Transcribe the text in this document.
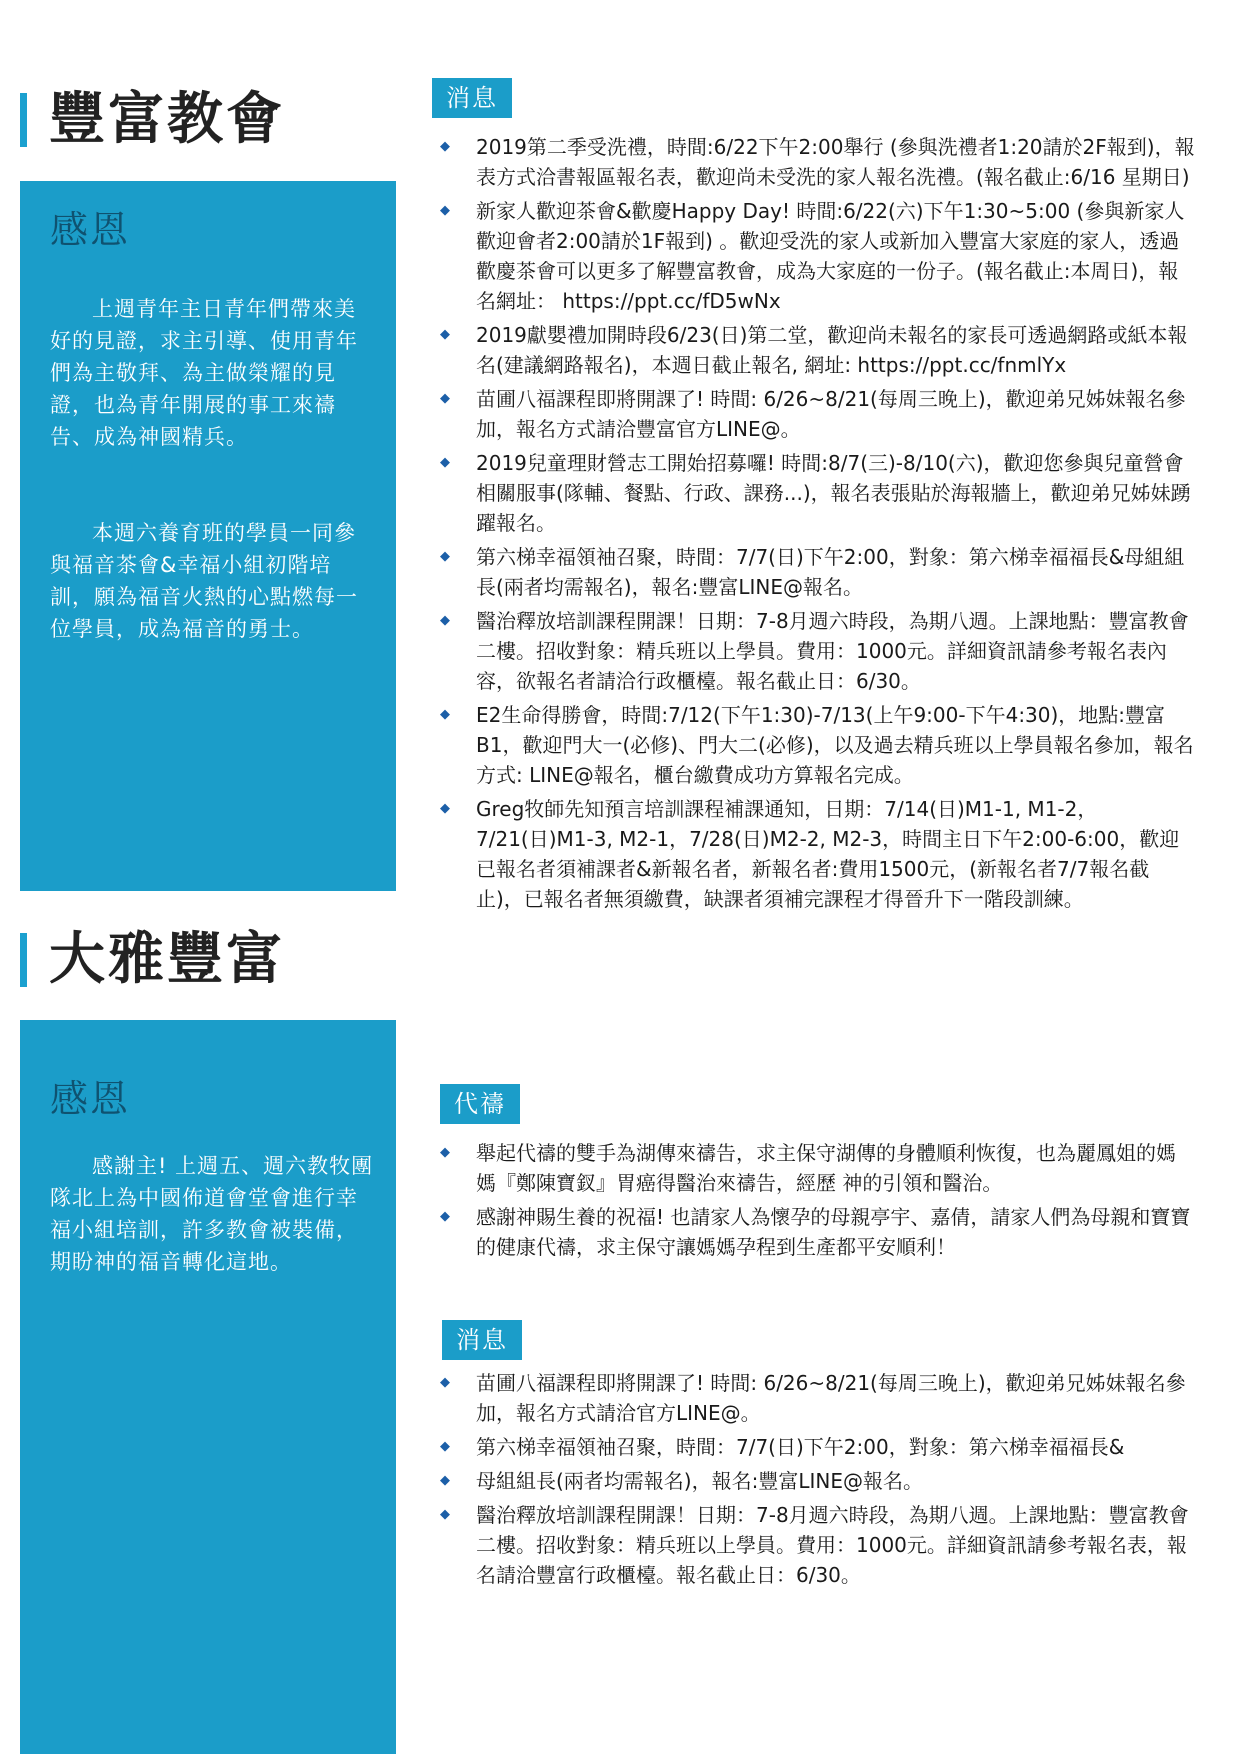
豐富教會
感恩

上週青年主日青年們帶來美好的見證，求主引導、使用青年們為主敬拜、為主做榮耀的見證，也為青年開展的事工來禱告、成為神國精兵。

本週六養育班的學員一同參與福音茶會&幸福小組初階培訓，願為福音火熱的心點燃每一位學員，成為福音的勇士。

消息
◆ 2019第二季受洗禮，時間:6/22下午2:00舉行 (參與洗禮者1:20請於2F報到)，報表方式洽書報區報名表，歡迎尚未受洗的家人報名洗禮。(報名截止:6/16 星期日)
◆ 新家人歡迎茶會&歡慶Happy Day! 時間:6/22(六)下午1:30~5:00 (參與新家人歡迎會者2:00請於1F報到) 。歡迎受洗的家人或新加入豐富大家庭的家人，透過歡慶茶會可以更多了解豐富教會，成為大家庭的一份子。(報名截止:本周日)，報名網址： https://ppt.cc/fD5wNx
◆ 2019獻嬰禮加開時段6/23(日)第二堂，歡迎尚未報名的家長可透過網路或紙本報名(建議網路報名)，本週日截止報名, 網址: https://ppt.cc/fnmlYx
◆ 苗圃八福課程即將開課了! 時間: 6/26~8/21(每周三晚上)，歡迎弟兄姊妹報名參加，報名方式請洽豐富官方LINE@。
◆ 2019兒童理財營志工開始招募囉! 時間:8/7(三)-8/10(六)，歡迎您參與兒童營會相關服事(隊輔、餐點、行政、課務...)，報名表張貼於海報牆上，歡迎弟兄姊妹踴躍報名。
◆ 第六梯幸福領袖召聚，時間：7/7(日)下午2:00，對象：第六梯幸福福長&母組組長(兩者均需報名)，報名:豐富LINE@報名。
◆ 醫治釋放培訓課程開課！日期：7-8月週六時段，為期八週。上課地點：豐富教會二樓。招收對象：精兵班以上學員。費用：1000元。詳細資訊請參考報名表內容，欲報名者請洽行政櫃檯。報名截止日：6/30。
◆ E2生命得勝會，時間:7/12(下午1:30)-7/13(上午9:00-下午4:30)，地點:豐富B1，歡迎門大一(必修)、門大二(必修)，以及過去精兵班以上學員報名參加，報名方式: LINE@報名，櫃台繳費成功方算報名完成。
◆ Greg牧師先知預言培訓課程補課通知，日期：7/14(日)M1-1, M1-2，7/21(日)M1-3, M2-1，7/28(日)M2-2, M2-3，時間主日下午2:00-6:00，歡迎已報名者須補課者&新報名者，新報名者:費用1500元，(新報名者7/7報名截止)，已報名者無須繳費，缺課者須補完課程才得晉升下一階段訓練。
大雅豐富
感恩

感謝主! 上週五、週六教牧團隊北上為中國佈道會堂會進行幸福小組培訓，許多教會被裝備，期盼神的福音轉化這地。

代禱
◆ 舉起代禱的雙手為湖傳來禱告，求主保守湖傳的身體順利恢復，也為麗鳳姐的媽媽『鄭陳寶釵』胃癌得醫治來禱告，經歷 神的引領和醫治。
◆ 感謝神賜生養的祝福! 也請家人為懷孕的母親亭宇、嘉倩，請家人們為母親和寶寶的健康代禱，求主保守讓媽媽孕程到生產都平安順利！
消息
◆ 苗圃八福課程即將開課了! 時間: 6/26~8/21(每周三晚上)，歡迎弟兄姊妹報名參加，報名方式請洽官方LINE@。
◆ 第六梯幸福領袖召聚，時間：7/7(日)下午2:00，對象：第六梯幸福福長&
◆ 母組組長(兩者均需報名)，報名:豐富LINE@報名。
◆ 醫治釋放培訓課程開課！日期：7-8月週六時段，為期八週。上課地點：豐富教會二樓。招收對象：精兵班以上學員。費用：1000元。詳細資訊請參考報名表，報名請洽豐富行政櫃檯。報名截止日：6/30。
